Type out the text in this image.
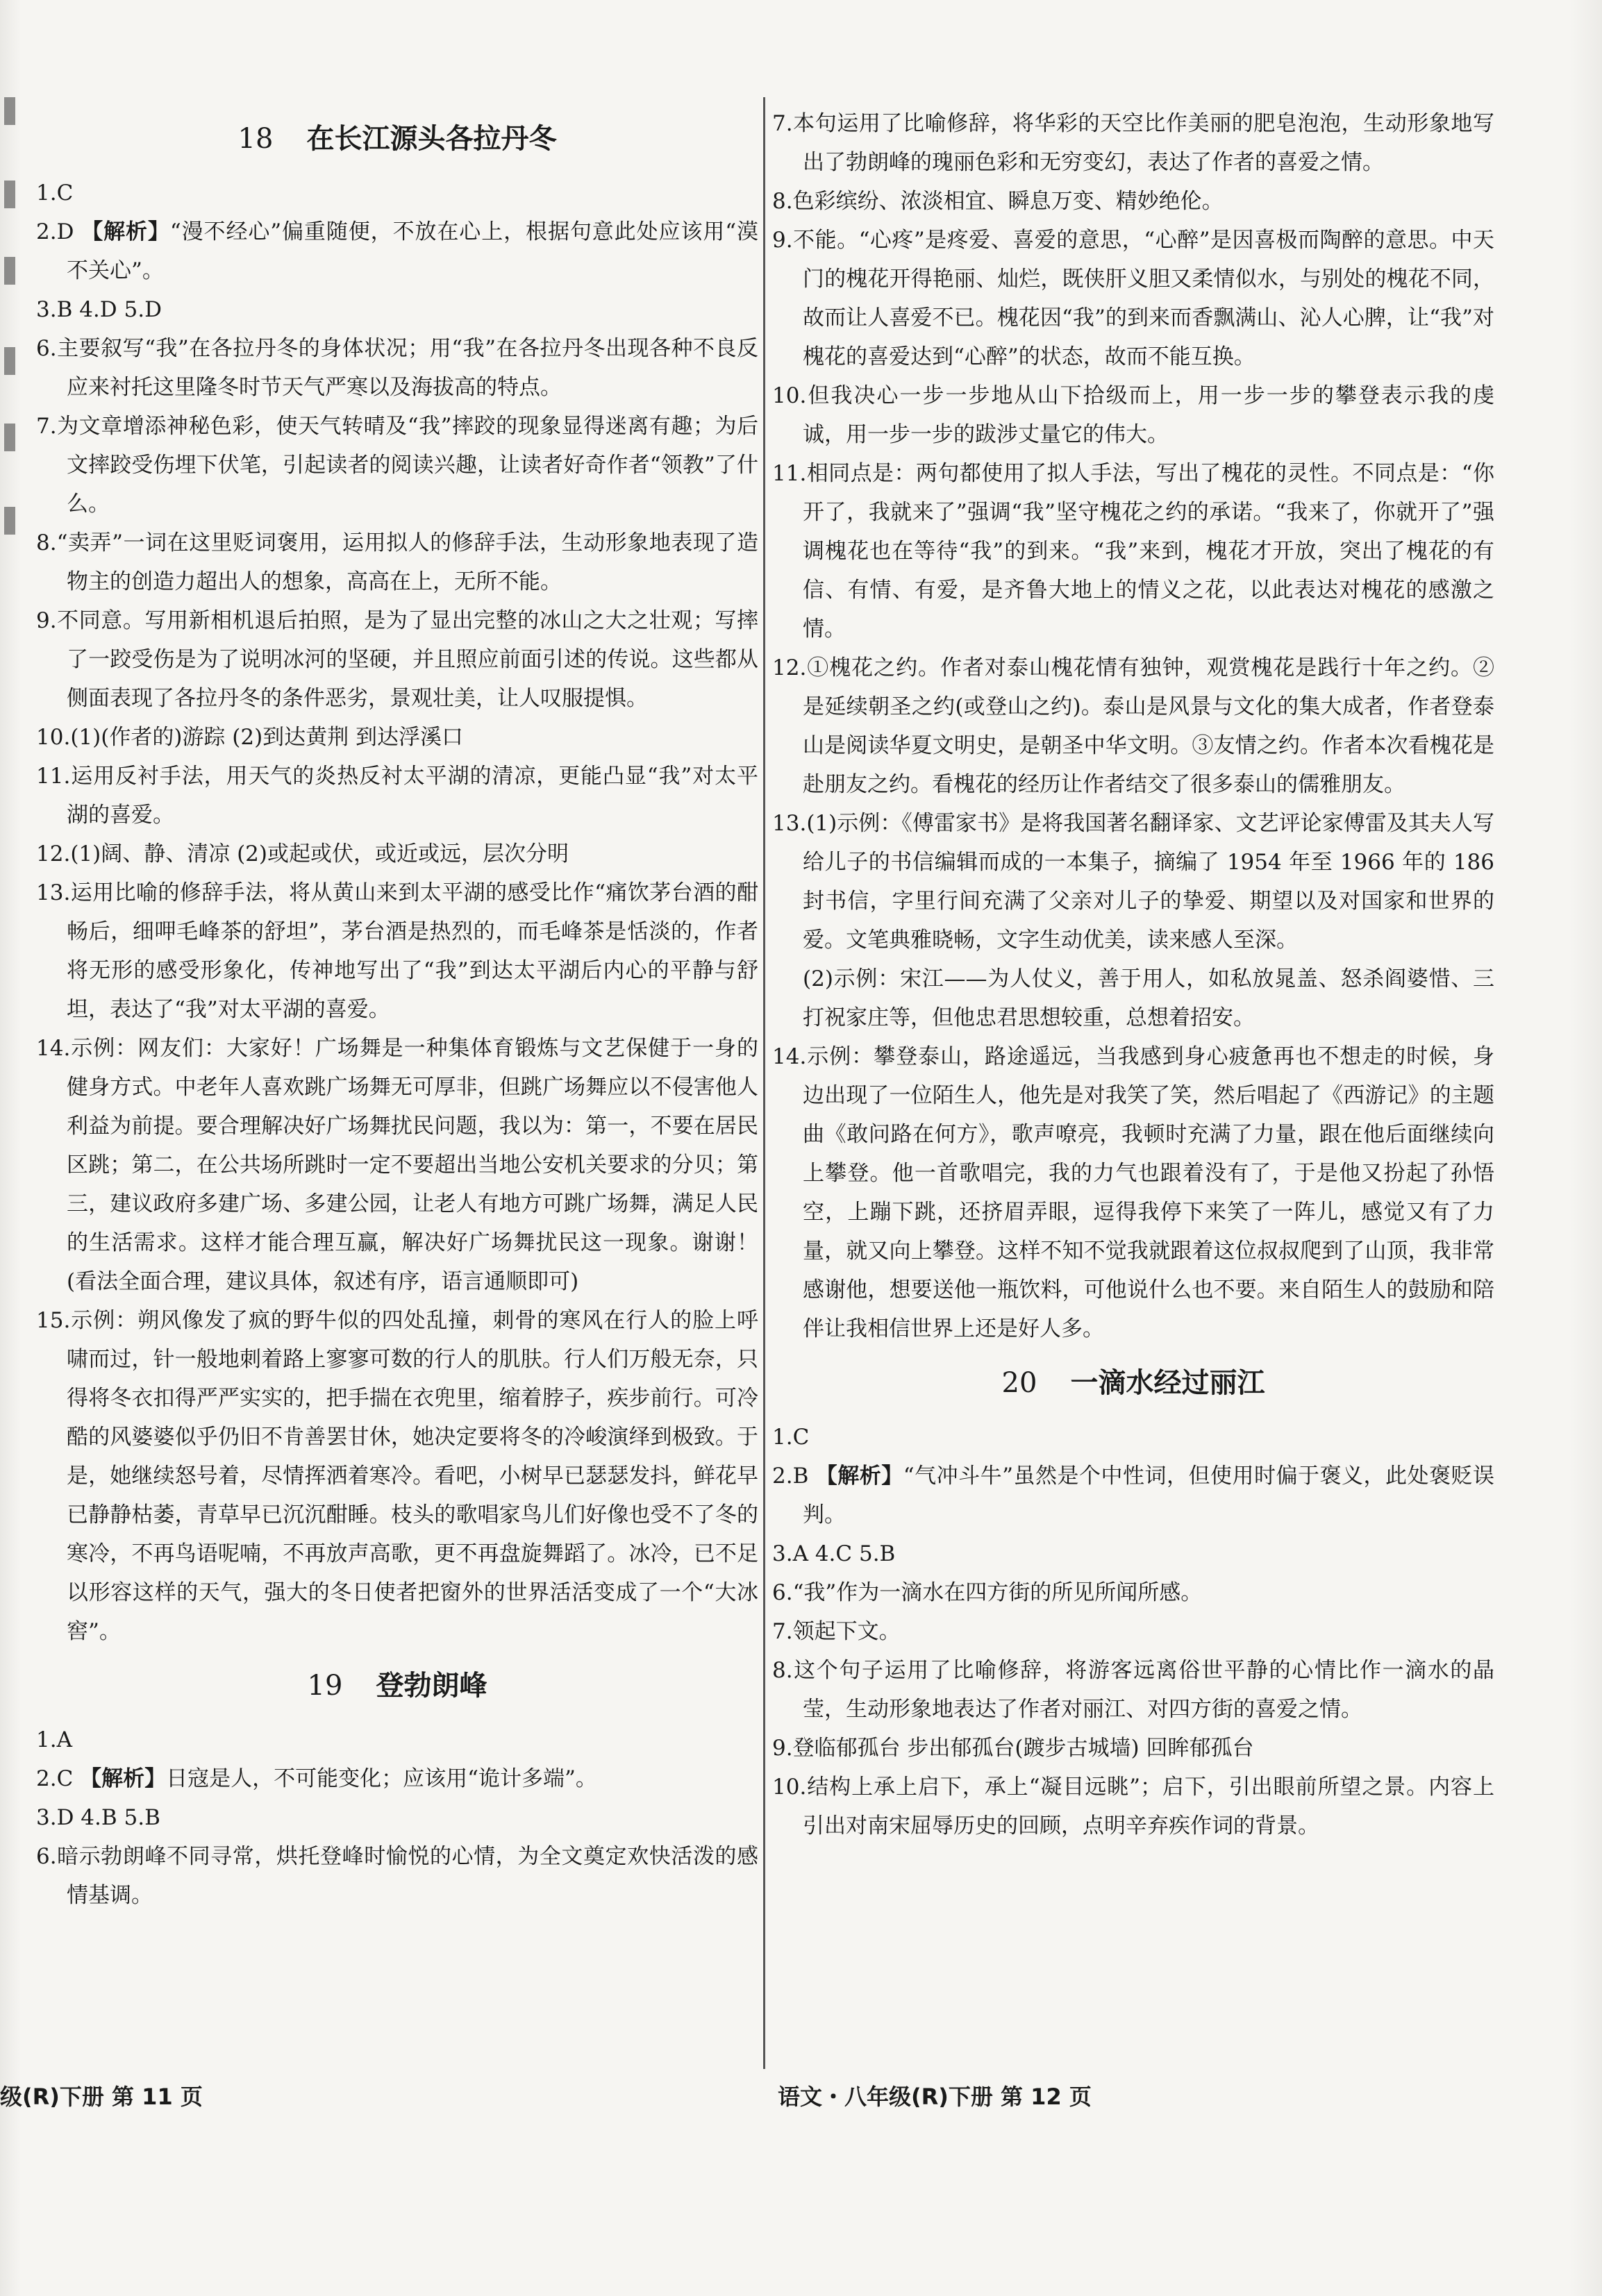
18 在长江源头各拉丹冬
1.C
2.D 【解析】“漫不经心”偏重随便，不放在心上，根据句意此处应该用“漠不关心”。
3.B 4.D 5.D
6.主要叙写“我”在各拉丹冬的身体状况；用“我”在各拉丹冬出现各种不良反应来衬托这里隆冬时节天气严寒以及海拔高的特点。
7.为文章增添神秘色彩，使天气转晴及“我”摔跤的现象显得迷离有趣；为后文摔跤受伤埋下伏笔，引起读者的阅读兴趣，让读者好奇作者“领教”了什么。
8.“卖弄”一词在这里贬词褒用，运用拟人的修辞手法，生动形象地表现了造物主的创造力超出人的想象，高高在上，无所不能。
9.不同意。写用新相机退后拍照，是为了显出完整的冰山之大之壮观；写摔了一跤受伤是为了说明冰河的坚硬，并且照应前面引述的传说。这些都从侧面表现了各拉丹冬的条件恶劣，景观壮美，让人叹服提惧。
10.(1)(作者的)游踪 (2)到达黄荆 到达浮溪口
11.运用反衬手法，用天气的炎热反衬太平湖的清凉，更能凸显“我”对太平湖的喜爱。
12.(1)阔、静、清凉 (2)或起或伏，或近或远，层次分明
13.运用比喻的修辞手法，将从黄山来到太平湖的感受比作“痛饮茅台酒的酣畅后，细呷毛峰茶的舒坦”，茅台酒是热烈的，而毛峰茶是恬淡的，作者将无形的感受形象化，传神地写出了“我”到达太平湖后内心的平静与舒坦，表达了“我”对太平湖的喜爱。
14.示例：网友们：大家好！广场舞是一种集体育锻炼与文艺保健于一身的健身方式。中老年人喜欢跳广场舞无可厚非，但跳广场舞应以不侵害他人利益为前提。要合理解决好广场舞扰民问题，我以为：第一，不要在居民区跳；第二，在公共场所跳时一定不要超出当地公安机关要求的分贝；第三，建议政府多建广场、多建公园，让老人有地方可跳广场舞，满足人民的生活需求。这样才能合理互赢，解决好广场舞扰民这一现象。谢谢！(看法全面合理，建议具体，叙述有序，语言通顺即可)
15.示例：朔风像发了疯的野牛似的四处乱撞，刺骨的寒风在行人的脸上呼啸而过，针一般地刺着路上寥寥可数的行人的肌肤。行人们万般无奈，只得将冬衣扣得严严实实的，把手揣在衣兜里，缩着脖子，疾步前行。可冷酷的风婆婆似乎仍旧不肯善罢甘休，她决定要将冬的冷峻演绎到极致。于是，她继续怒号着，尽情挥洒着寒冷。看吧，小树早已瑟瑟发抖，鲜花早已静静枯萎，青草早已沉沉酣睡。枝头的歌唱家鸟儿们好像也受不了冬的寒冷，不再鸟语呢喃，不再放声高歌，更不再盘旋舞蹈了。冰冷，已不足以形容这样的天气，强大的冬日使者把窗外的世界活活变成了一个“大冰窖”。
19 登勃朗峰
1.A
2.C 【解析】日寇是人，不可能变化；应该用“诡计多端”。
3.D 4.B 5.B
6.暗示勃朗峰不同寻常，烘托登峰时愉悦的心情，为全文奠定欢快活泼的感情基调。
7.本句运用了比喻修辞，将华彩的天空比作美丽的肥皂泡泡，生动形象地写出了勃朗峰的瑰丽色彩和无穷变幻，表达了作者的喜爱之情。
8.色彩缤纷、浓淡相宜、瞬息万变、精妙绝伦。
9.不能。“心疼”是疼爱、喜爱的意思，“心醉”是因喜极而陶醉的意思。中天门的槐花开得艳丽、灿烂，既侠肝义胆又柔情似水，与别处的槐花不同，故而让人喜爱不已。槐花因“我”的到来而香飘满山、沁人心脾，让“我”对槐花的喜爱达到“心醉”的状态，故而不能互换。
10.但我决心一步一步地从山下拾级而上，用一步一步的攀登表示我的虔诚，用一步一步的跋涉丈量它的伟大。
11.相同点是：两句都使用了拟人手法，写出了槐花的灵性。不同点是：“你开了，我就来了”强调“我”坚守槐花之约的承诺。“我来了，你就开了”强调槐花也在等待“我”的到来。“我”来到，槐花才开放，突出了槐花的有信、有情、有爱，是齐鲁大地上的情义之花，以此表达对槐花的感激之情。
12.①槐花之约。作者对泰山槐花情有独钟，观赏槐花是践行十年之约。②是延续朝圣之约(或登山之约)。泰山是风景与文化的集大成者，作者登泰山是阅读华夏文明史，是朝圣中华文明。③友情之约。作者本次看槐花是赴朋友之约。看槐花的经历让作者结交了很多泰山的儒雅朋友。
13.(1)示例：《傅雷家书》是将我国著名翻译家、文艺评论家傅雷及其夫人写给儿子的书信编辑而成的一本集子，摘编了 1954 年至 1966 年的 186 封书信，字里行间充满了父亲对儿子的挚爱、期望以及对国家和世界的爱。文笔典雅晓畅，文字生动优美，读来感人至深。
(2)示例：宋江——为人仗义，善于用人，如私放晁盖、怒杀阎婆惜、三打祝家庄等，但他忠君思想较重，总想着招安。
14.示例：攀登泰山，路途遥远，当我感到身心疲惫再也不想走的时候，身边出现了一位陌生人，他先是对我笑了笑，然后唱起了《西游记》的主题曲《敢问路在何方》，歌声嘹亮，我顿时充满了力量，跟在他后面继续向上攀登。他一首歌唱完，我的力气也跟着没有了，于是他又扮起了孙悟空，上蹦下跳，还挤眉弄眼，逗得我停下来笑了一阵儿，感觉又有了力量，就又向上攀登。这样不知不觉我就跟着这位叔叔爬到了山顶，我非常感谢他，想要送他一瓶饮料，可他说什么也不要。来自陌生人的鼓励和陪伴让我相信世界上还是好人多。
20 一滴水经过丽江
1.C
2.B 【解析】“气冲斗牛”虽然是个中性词，但使用时偏于褒义，此处褒贬误判。
3.A 4.C 5.B
6.“我”作为一滴水在四方街的所见所闻所感。
7.领起下文。
8.这个句子运用了比喻修辞，将游客远离俗世平静的心情比作一滴水的晶莹，生动形象地表达了作者对丽江、对四方街的喜爱之情。
9.登临郁孤台 步出郁孤台(踱步古城墙) 回眸郁孤台
10.结构上承上启下，承上“凝目远眺”；启下，引出眼前所望之景。内容上引出对南宋屈辱历史的回顾，点明辛弃疾作词的背景。
级(R)下册 第 11 页	语文・八年级(R)下册 第 12 页
